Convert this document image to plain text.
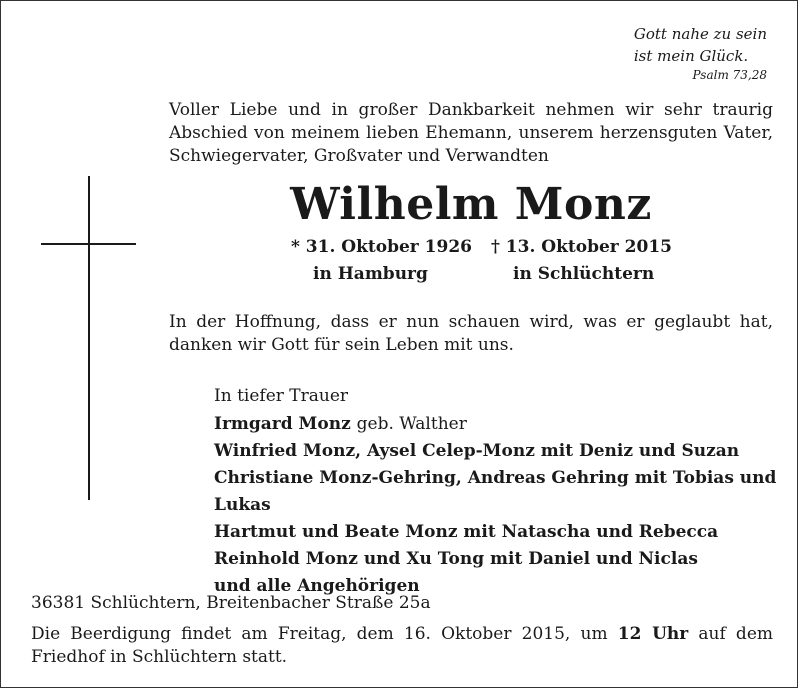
Gott nahe zu sein
ist mein Glück.
Psalm 73,28
Voller Liebe und in großer Dankbarkeit nehmen wir sehr traurig Abschied von meinem lieben Ehemann, unserem herzensguten Vater, Schwiegervater, Großvater und Verwandten
Wilhelm Monz
* 31. Oktober 1926
in Hamburg
† 13. Oktober 2015
in Schlüchtern
In der Hoffnung, dass er nun schauen wird, was er geglaubt hat, danken wir Gott für sein Leben mit uns.
In tiefer Trauer
Irmgard Monz geb. Walther
Winfried Monz, Aysel Celep-Monz mit Deniz und Suzan
Christiane Monz-Gehring, Andreas Gehring mit Tobias und Lukas
Hartmut und Beate Monz mit Natascha und Rebecca
Reinhold Monz und Xu Tong mit Daniel und Niclas
und alle Angehörigen
36381 Schlüchtern, Breitenbacher Straße 25a
Die Beerdigung findet am Freitag, dem 16. Oktober 2015, um 12 Uhr auf dem Friedhof in Schlüchtern statt.
